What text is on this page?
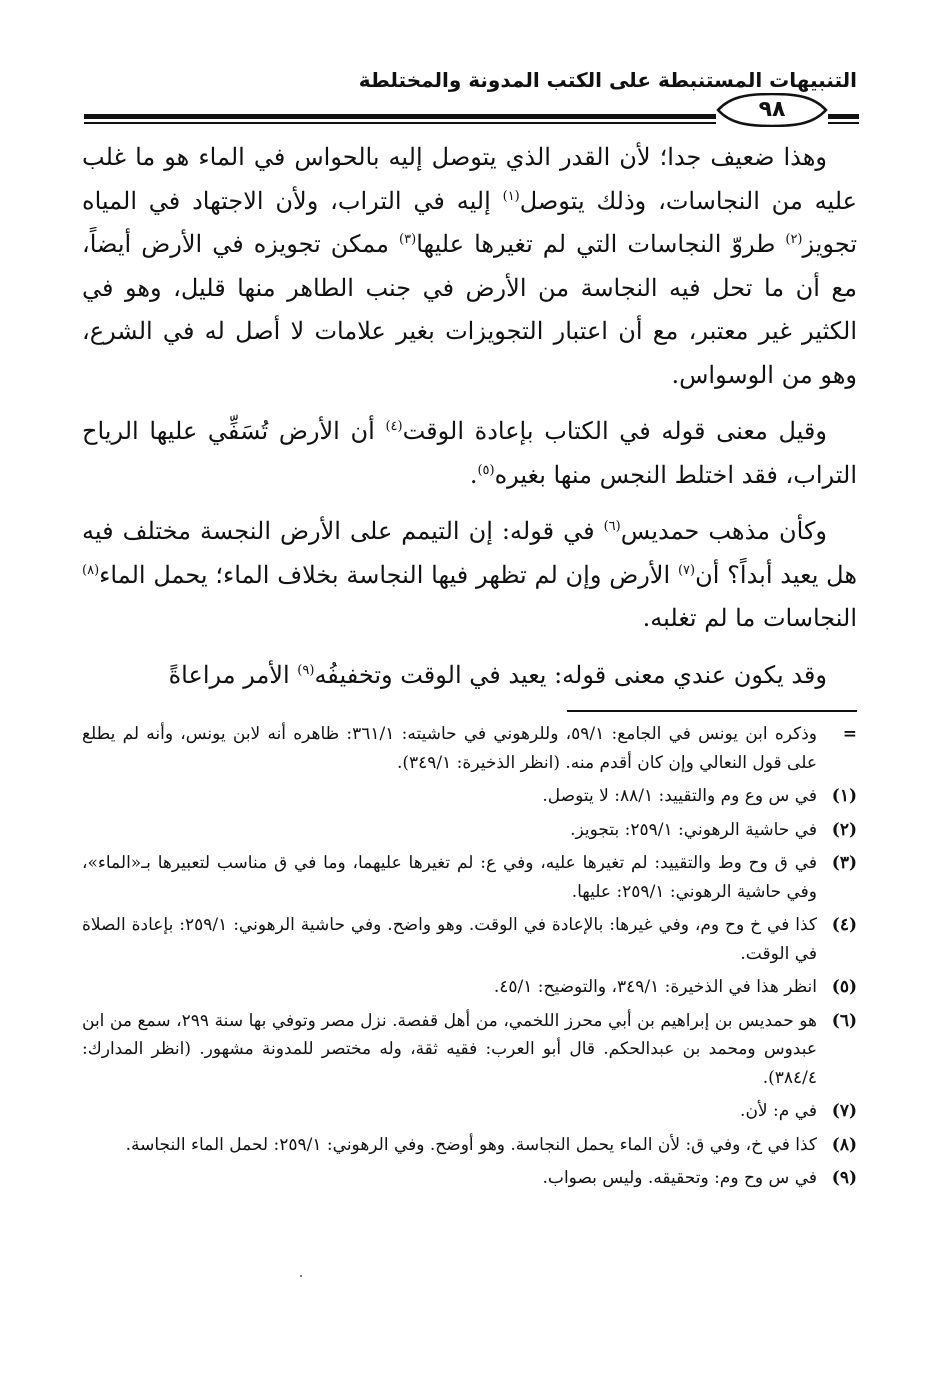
التنبيهات المستنبطة على الكتب المدونة والمختلطة
٩٨

وهذا ضعيف جدا؛ لأن القدر الذي يتوصل إليه بالحواس في الماء هو ما غلب عليه من النجاسات، وذلك يتوصل$^{(١)}$ إليه في التراب، ولأن الاجتهاد في المياه تجويز$^{(٢)}$ طروّ النجاسات التي لم تغيرها عليها$^{(٣)}$ ممكن تجويزه في الأرض أيضاً، مع أن ما تحل فيه النجاسة من الأرض في جنب الطاهر منها قليل، وهو في الكثير غير معتبر، مع أن اعتبار التجويزات بغير علامات لا أصل له في الشرع، وهو من الوسواس.

وقيل معنى قوله في الكتاب بإعادة الوقت$^{(٤)}$ أن الأرض تُسَفِّي عليها الرياح التراب، فقد اختلط النجس منها بغيره$^{(٥)}$.

وكأن مذهب حمديس$^{(٦)}$ في قوله: إن التيمم على الأرض النجسة مختلف فيه هل يعيد أبداً؟ أن$^{(٧)}$ الأرض وإن لم تظهر فيها النجاسة بخلاف الماء؛ يحمل الماء$^{(٨)}$ النجاسات ما لم تغلبه.

وقد يكون عندي معنى قوله: يعيد في الوقت وتخفيفُه$^{(٩)}$ الأمر مراعاةً

=
وذكره ابن يونس في الجامع: ٥٩/١، وللرهوني في حاشيته: ٣٦١/١: ظاهره أنه لابن يونس، وأنه لم يطلع على قول النعالي وإن كان أقدم منه. (انظر الذخيرة: ٣٤٩/١).
(١)
في س وع وم والتقييد: ٨٨/١: لا يتوصل.
(٢)
في حاشية الرهوني: ٢٥٩/١: بتجويز.
(٣)
في ق وح وط والتقييد: لم تغيرها عليه، وفي ع: لم تغيرها عليهما، وما في ق مناسب لتعبيرها بـ«الماء»، وفي حاشية الرهوني: ٢٥٩/١: عليها.
(٤)
كذا في خ وح وم، وفي غيرها: بالإعادة في الوقت. وهو واضح. وفي حاشية الرهوني: ٢٥٩/١: بإعادة الصلاة في الوقت.
(٥)
انظر هذا في الذخيرة: ٣٤٩/١، والتوضيح: ٤٥/١.
(٦)
هو حمديس بن إبراهيم بن أبي محرز اللخمي، من أهل قفصة. نزل مصر وتوفي بها سنة ٢٩٩، سمع من ابن عبدوس ومحمد بن عبدالحكم. قال أبو العرب: فقيه ثقة، وله مختصر للمدونة مشهور. (انظر المدارك: ٣٨٤/٤).
(٧)
في م: لأن.
(٨)
كذا في خ، وفي ق: لأن الماء يحمل النجاسة. وهو أوضح. وفي الرهوني: ٢٥٩/١: لحمل الماء النجاسة.
(٩)
في س وح وم: وتحقيقه. وليس بصواب.
